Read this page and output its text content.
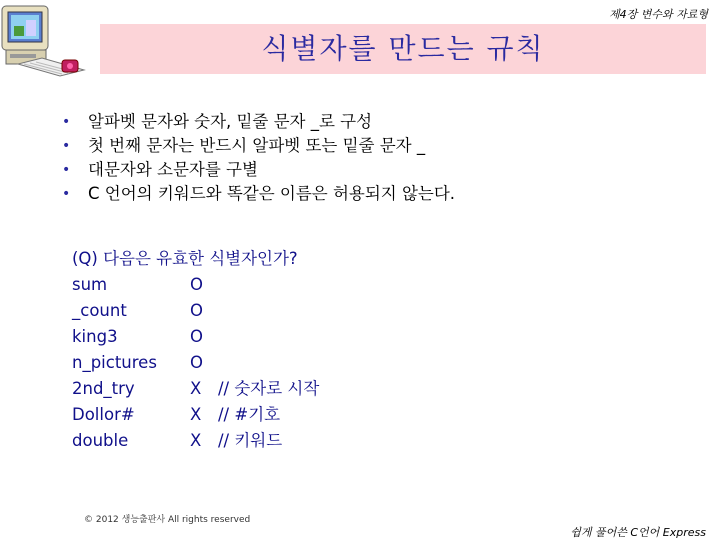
제4장 변수와 자료형
식별자를 만드는 규칙
• 알파벳 문자와 숫자, 밑줄 문자 _로 구성
• 첫 번째 문자는 반드시 알파벳 또는 밑줄 문자 _
• 대문자와 소문자를 구별
• C 언어의 키워드와 똑같은 이름은 허용되지 않는다.
(Q) 다음은 유효한 식별자인가?
sum	O
_count	O
king3	O
n_pictures O
2nd_try	X // 숫자로 시작
Dollor#	X // #기호
double	X // 키워드
© 2012 생능출판사 All rights reserved
쉽게 풀어쓴 C언어 Express
